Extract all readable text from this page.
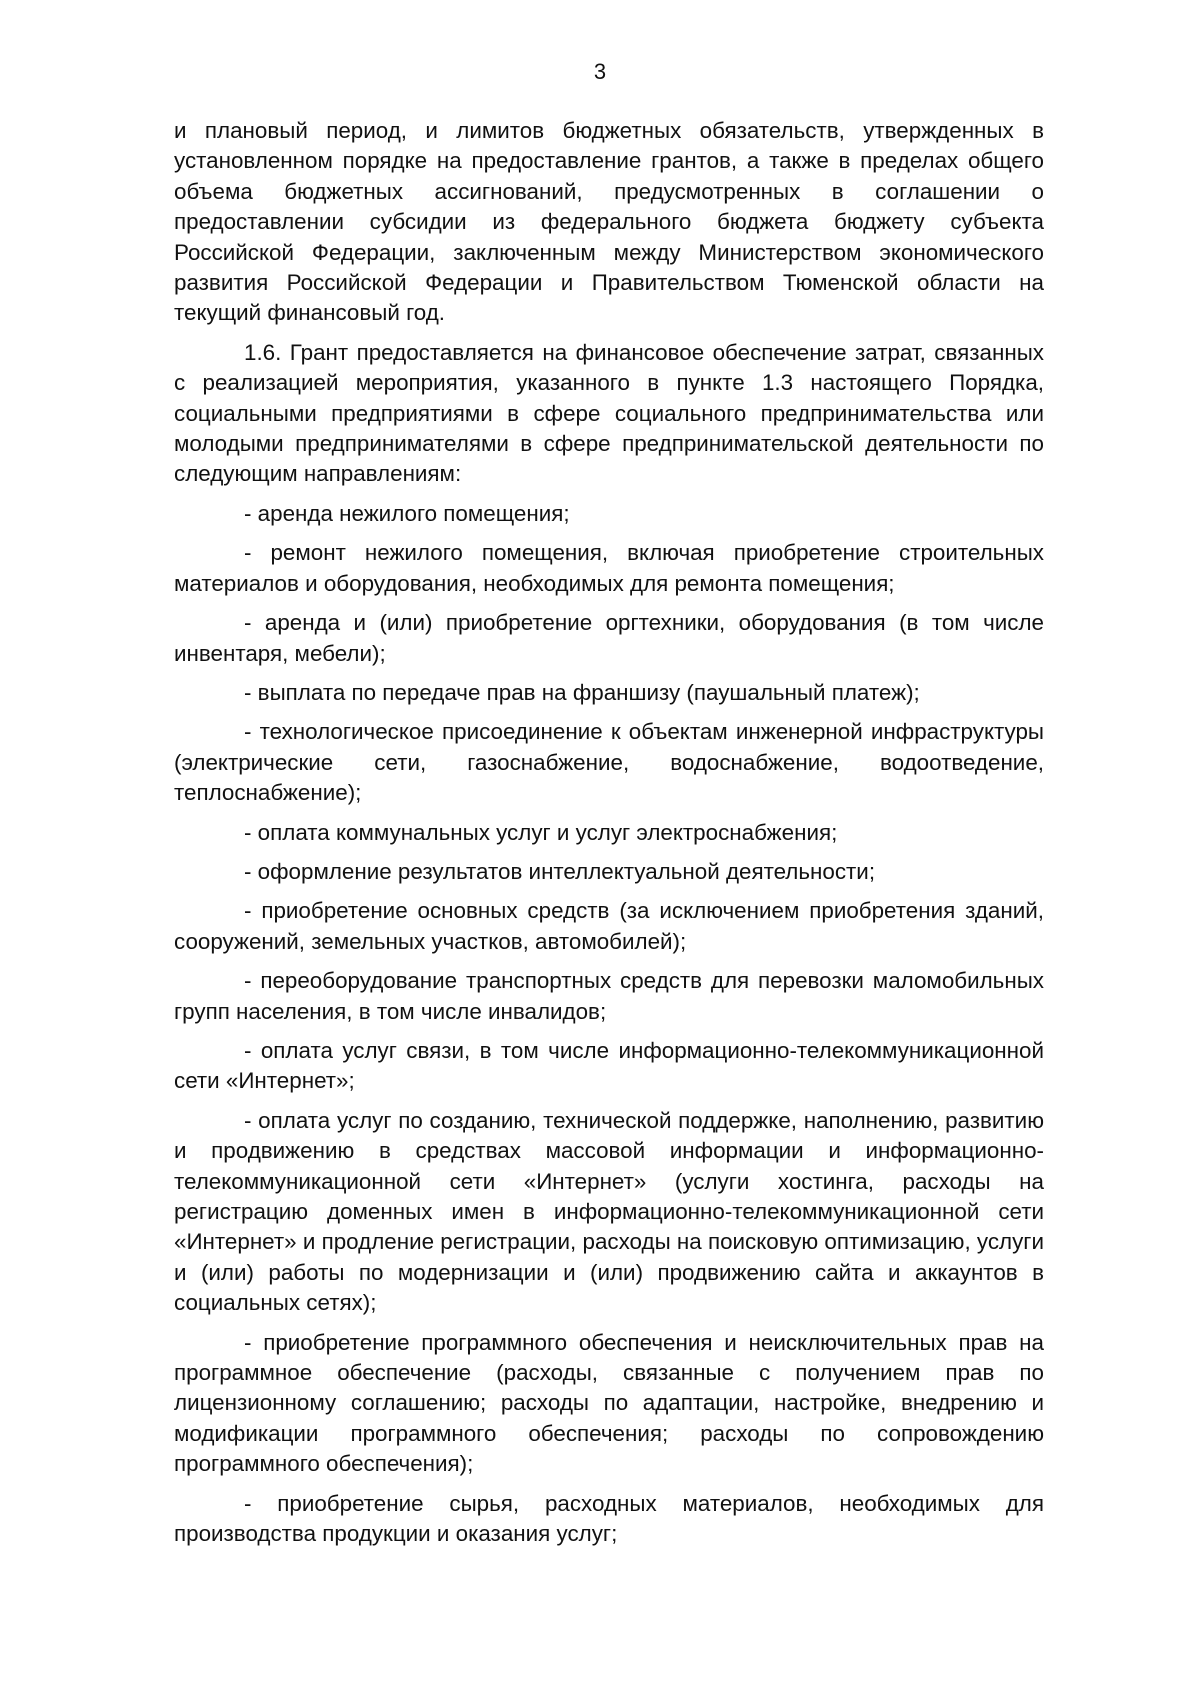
3

и плановый период, и лимитов бюджетных обязательств, утвержденных в установленном порядке на предоставление грантов, а также в пределах общего объема бюджетных ассигнований, предусмотренных в соглашении о предоставлении субсидии из федерального бюджета бюджету субъекта Российской Федерации, заключенным между Министерством экономического развития Российской Федерации и Правительством Тюменской области на текущий финансовый год.

1.6. Грант предоставляется на финансовое обеспечение затрат, связанных с реализацией мероприятия, указанного в пункте 1.3 настоящего Порядка, социальными предприятиями в сфере социального предпринимательства или молодыми предпринимателями в сфере предпринимательской деятельности по следующим направлениям:

- аренда нежилого помещения;

- ремонт нежилого помещения, включая приобретение строительных материалов и оборудования, необходимых для ремонта помещения;

- аренда и (или) приобретение оргтехники, оборудования (в том числе инвентаря, мебели);

- выплата по передаче прав на франшизу (паушальный платеж);

- технологическое присоединение к объектам инженерной инфраструктуры (электрические сети, газоснабжение, водоснабжение, водоотведение, теплоснабжение);

- оплата коммунальных услуг и услуг электроснабжения;

- оформление результатов интеллектуальной деятельности;

- приобретение основных средств (за исключением приобретения зданий, сооружений, земельных участков, автомобилей);

- переоборудование транспортных средств для перевозки маломобильных групп населения, в том числе инвалидов;

- оплата услуг связи, в том числе информационно-телекоммуникационной сети «Интернет»;

- оплата услуг по созданию, технической поддержке, наполнению, развитию и продвижению в средствах массовой информации и информационно-телекоммуникационной сети «Интернет» (услуги хостинга, расходы на регистрацию доменных имен в информационно-телекоммуникационной сети «Интернет» и продление регистрации, расходы на поисковую оптимизацию, услуги и (или) работы по модернизации и (или) продвижению сайта и аккаунтов в социальных сетях);

- приобретение программного обеспечения и неисключительных прав на программное обеспечение (расходы, связанные с получением прав по лицензионному соглашению; расходы по адаптации, настройке, внедрению и модификации программного обеспечения; расходы по сопровождению программного обеспечения);

- приобретение сырья, расходных материалов, необходимых для производства продукции и оказания услуг;
